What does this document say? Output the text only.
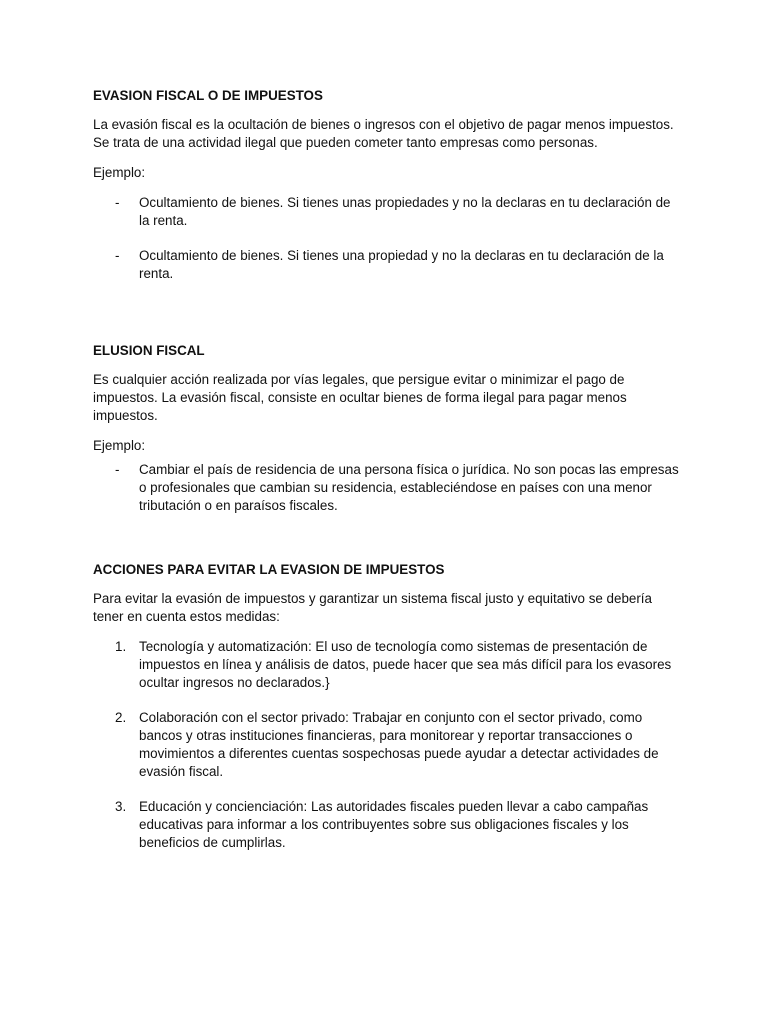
EVASION FISCAL O DE IMPUESTOS

La evasión fiscal es la ocultación de bienes o ingresos con el objetivo de pagar menos impuestos. Se trata de una actividad ilegal que pueden cometer tanto empresas como personas.

Ejemplo:

- Ocultamiento de bienes. Si tienes unas propiedades y no la declaras en tu declaración de la renta.
- Ocultamiento de bienes. Si tienes una propiedad y no la declaras en tu declaración de la renta.
ELUSION FISCAL

Es cualquier acción realizada por vías legales, que persigue evitar o minimizar el pago de impuestos. La evasión fiscal, consiste en ocultar bienes de forma ilegal para pagar menos impuestos.

Ejemplo:

- Cambiar el país de residencia de una persona física o jurídica. No son pocas las empresas o profesionales que cambian su residencia, estableciéndose en países con una menor tributación o en paraísos fiscales.
ACCIONES PARA EVITAR LA EVASION DE IMPUESTOS

Para evitar la evasión de impuestos y garantizar un sistema fiscal justo y equitativo se debería tener en cuenta estos medidas:

1. Tecnología y automatización: El uso de tecnología como sistemas de presentación de impuestos en línea y análisis de datos, puede hacer que sea más difícil para los evasores ocultar ingresos no declarados.}
2. Colaboración con el sector privado: Trabajar en conjunto con el sector privado, como bancos y otras instituciones financieras, para monitorear y reportar transacciones o movimientos a diferentes cuentas sospechosas puede ayudar a detectar actividades de evasión fiscal.
3. Educación y concienciación: Las autoridades fiscales pueden llevar a cabo campañas educativas para informar a los contribuyentes sobre sus obligaciones fiscales y los beneficios de cumplirlas.
